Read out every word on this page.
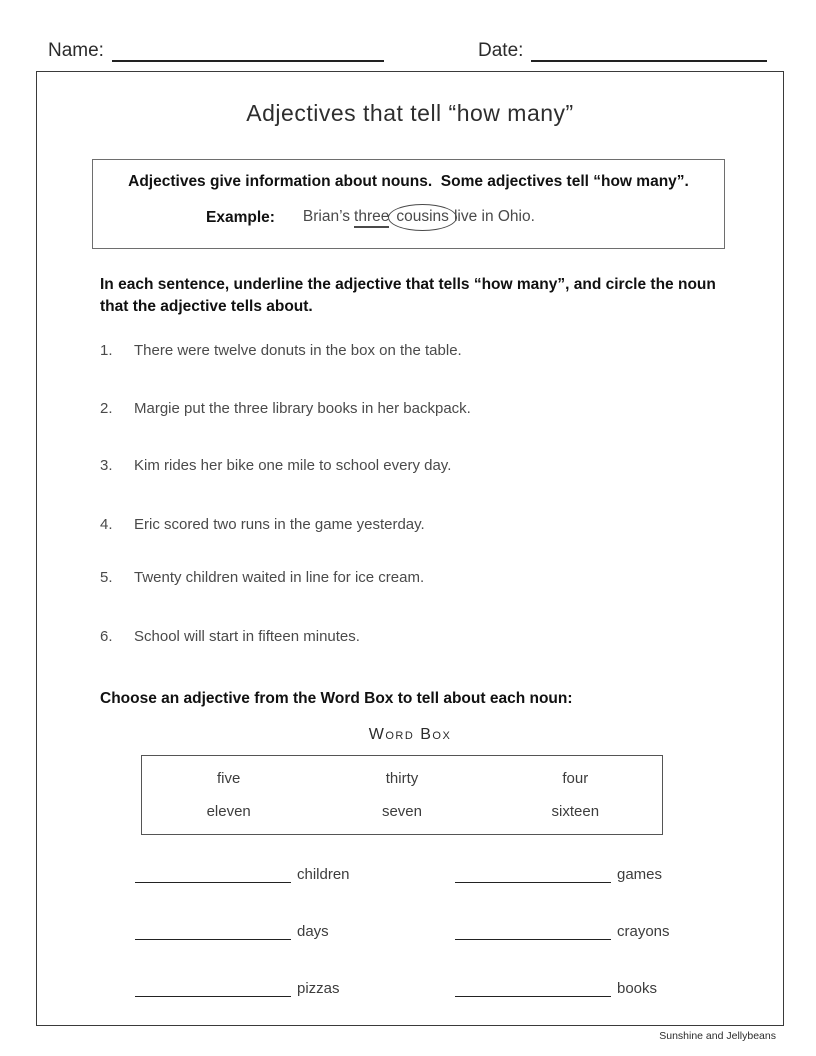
Name:	Date:
Adjectives that tell “how many”
Adjectives give information about nouns.  Some adjectives tell “how many”.
Example: Brian’s three cousins live in Ohio.
In each sentence, underline the adjective that tells “how many”, and circle the noun that the adjective tells about.
1. There were twelve donuts in the box on the table.
2. Margie put the three library books in her backpack.
3. Kim rides her bike one mile to school every day.
4. Eric scored two runs in the game yesterday.
5. Twenty children waited in line for ice cream.
6. School will start in fifteen minutes.
Choose an adjective from the Word Box to tell about each noun:
Word Box
five	thirty	four
eleven	seven	sixteen
children	games
days	crayons
pizzas	books
Sunshine and Jellybeans
